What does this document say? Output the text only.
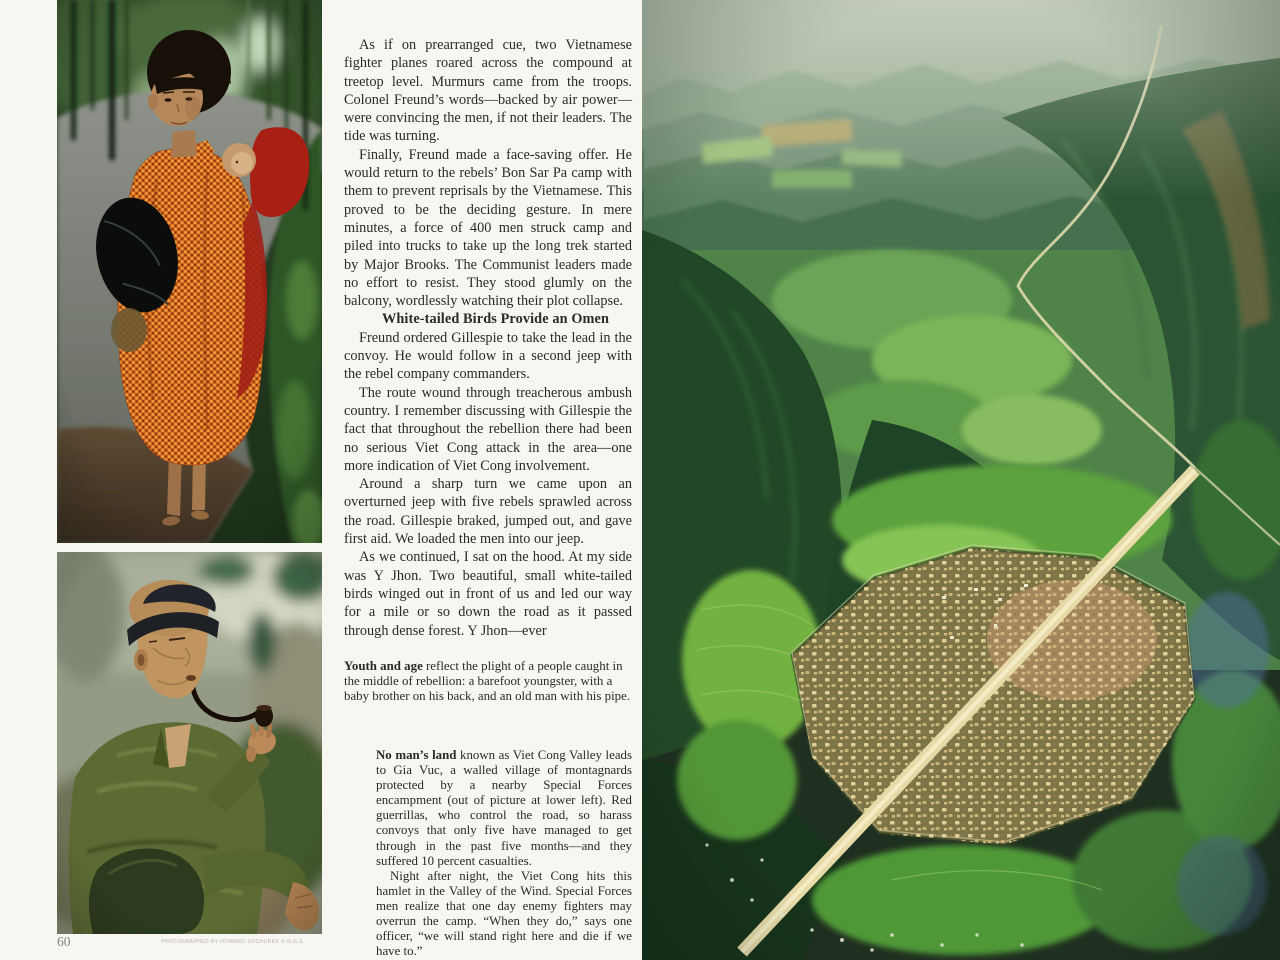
PHOTOGRAPHED BY HOWARD SOCHUREK © N.G.S.
60

As if on prearranged cue, two Vietnamese fighter planes roared across the compound at treetop level. Murmurs came from the troops. Colonel Freund’s words—backed by air power—were convincing the men, if not their leaders. The tide was turning.

Finally, Freund made a face-saving offer. He would return to the rebels’ Bon Sar Pa camp with them to prevent reprisals by the Vietnamese. This proved to be the deciding gesture. In mere minutes, a force of 400 men struck camp and piled into trucks to take up the long trek started by Major Brooks. The Communist leaders made no effort to resist. They stood glumly on the balcony, wordlessly watching their plot collapse.

White-tailed Birds Provide an Omen

Freund ordered Gillespie to take the lead in the convoy. He would follow in a second jeep with the rebel company commanders.

The route wound through treacherous ambush country. I remember discussing with Gillespie the fact that throughout the rebellion there had been no serious Viet Cong attack in the area—one more indication of Viet Cong involvement.

Around a sharp turn we came upon an overturned jeep with five rebels sprawled across the road. Gillespie braked, jumped out, and gave first aid. We loaded the men into our jeep.

As we continued, I sat on the hood. At my side was Y Jhon. Two beautiful, small white-tailed birds winged out in front of us and led our way for a mile or so down the road as it passed through dense forest. Y Jhon—ever

Youth and age reflect the plight of a people caught in the middle of rebellion: a barefoot youngster, with a baby brother on his back, and an old man with his pipe.

No man’s land known as Viet Cong Valley leads to Gia Vuc, a walled village of montagnards protected by a nearby Special Forces encampment (out of picture at lower left). Red guerrillas, who control the road, so harass convoys that only five have managed to get through in the past five months—and they suffered 10 percent casualties.

Night after night, the Viet Cong hits this hamlet in the Valley of the Wind. Special Forces men realize that one day enemy fighters may overrun the camp. “When they do,” says one officer, “we will stand right here and die if we have to.”
